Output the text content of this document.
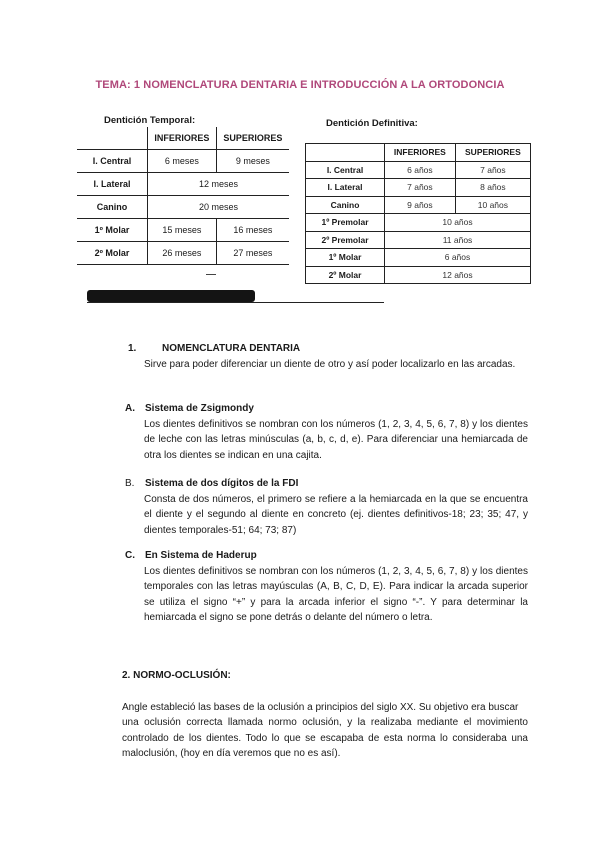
TEMA: 1 NOMENCLATURA DENTARIA E INTRODUCCIÓN A LA ORTODONCIA
Dentición Temporal:
	INFERIORES	SUPERIORES
I. Central	6 meses	9 meses
I. Lateral	12 meses	
Canino	20 meses	
1º Molar	15 meses	16 meses
2º Molar	26 meses	27 meses
Dentición Definitiva:
	INFERIORES	SUPERIORES
I. Central	6 años	7 años
I. Lateral	7 años	8 años
Canino	9 años	10 años
1º Premolar	10 años	
2º Premolar	11 años	
1º Molar	6 años	
2º Molar	12 años	
1.	NOMENCLATURA DENTARIA
Sirve para poder diferenciar un diente de otro y así poder localizarlo en las arcadas.
A. Sistema de Zsigmondy
Los dientes definitivos se nombran con los números (1, 2, 3, 4, 5, 6, 7, 8) y los dientes de leche con las letras minúsculas (a, b, c, d, e). Para diferenciar una hemiarcada de otra los dientes se indican en una cajita.
B. Sistema de dos dígitos de la FDI
Consta de dos números, el primero se refiere a la hemiarcada en la que se encuentra el diente y el segundo al diente en concreto (ej. dientes definitivos-18; 23; 35; 47, y dientes temporales-51; 64; 73; 87)
C. En Sistema de Haderup
Los dientes definitivos se nombran con los números (1, 2, 3, 4, 5, 6, 7, 8) y los dientes temporales con las letras mayúsculas (A, B, C, D, E). Para indicar la arcada superior se utiliza el signo “+” y para la arcada inferior el signo “-”. Y para determinar la hemiarcada el signo se pone detrás o delante del número o letra.
2. NORMO-OCLUSIÓN:
Angle estableció las bases de la oclusión a principios del siglo XX. Su objetivo era buscar
una oclusión correcta llamada normo oclusión, y la realizaba mediante el movimiento controlado de los dientes. Todo lo que se escapaba de esta norma lo consideraba una maloclusión, (hoy en día veremos que no es así).
